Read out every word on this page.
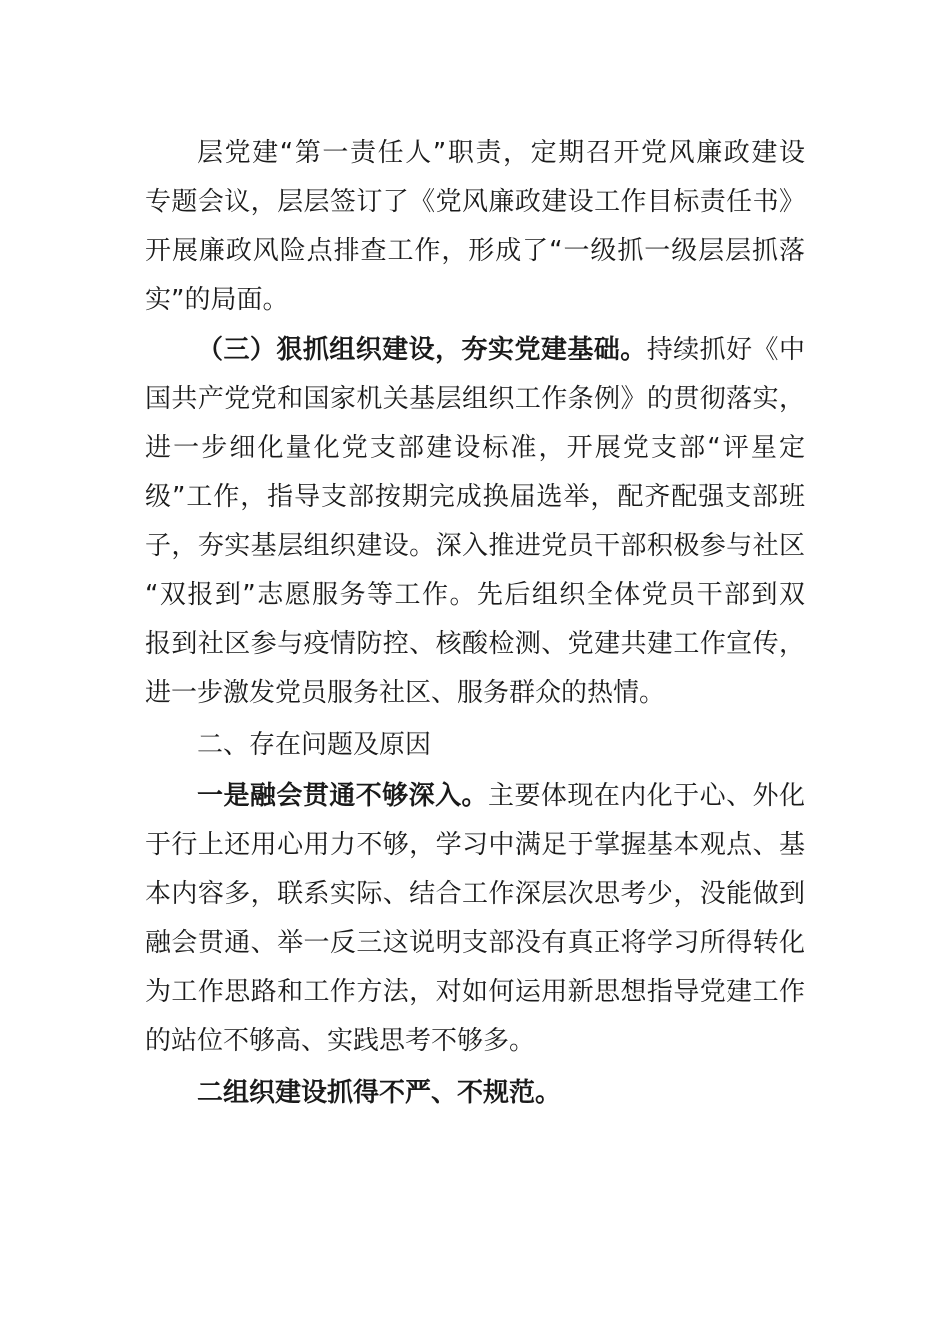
层党建“第一责任人”职责，定期召开党风廉政建设
专题会议，层层签订了《党风廉政建设工作目标责任书》
开展廉政风险点排查工作，形成了“一级抓一级层层抓落
实”的局面。
（三）狠抓组织建设，夯实党建基础。持续抓好《中
国共产党党和国家机关基层组织工作条例》的贯彻落实，
进一步细化量化党支部建设标准，开展党支部“评星定
级”工作，指导支部按期完成换届选举，配齐配强支部班
子，夯实基层组织建设。深入推进党员干部积极参与社区
“双报到”志愿服务等工作。先后组织全体党员干部到双
报到社区参与疫情防控、核酸检测、党建共建工作宣传，
进一步激发党员服务社区、服务群众的热情。
二、存在问题及原因
一是融会贯通不够深入。主要体现在内化于心、外化
于行上还用心用力不够，学习中满足于掌握基本观点、基
本内容多，联系实际、结合工作深层次思考少，没能做到
融会贯通、举一反三这说明支部没有真正将学习所得转化
为工作思路和工作方法，对如何运用新思想指导党建工作
的站位不够高、实践思考不够多。
二组织建设抓得不严、不规范。
